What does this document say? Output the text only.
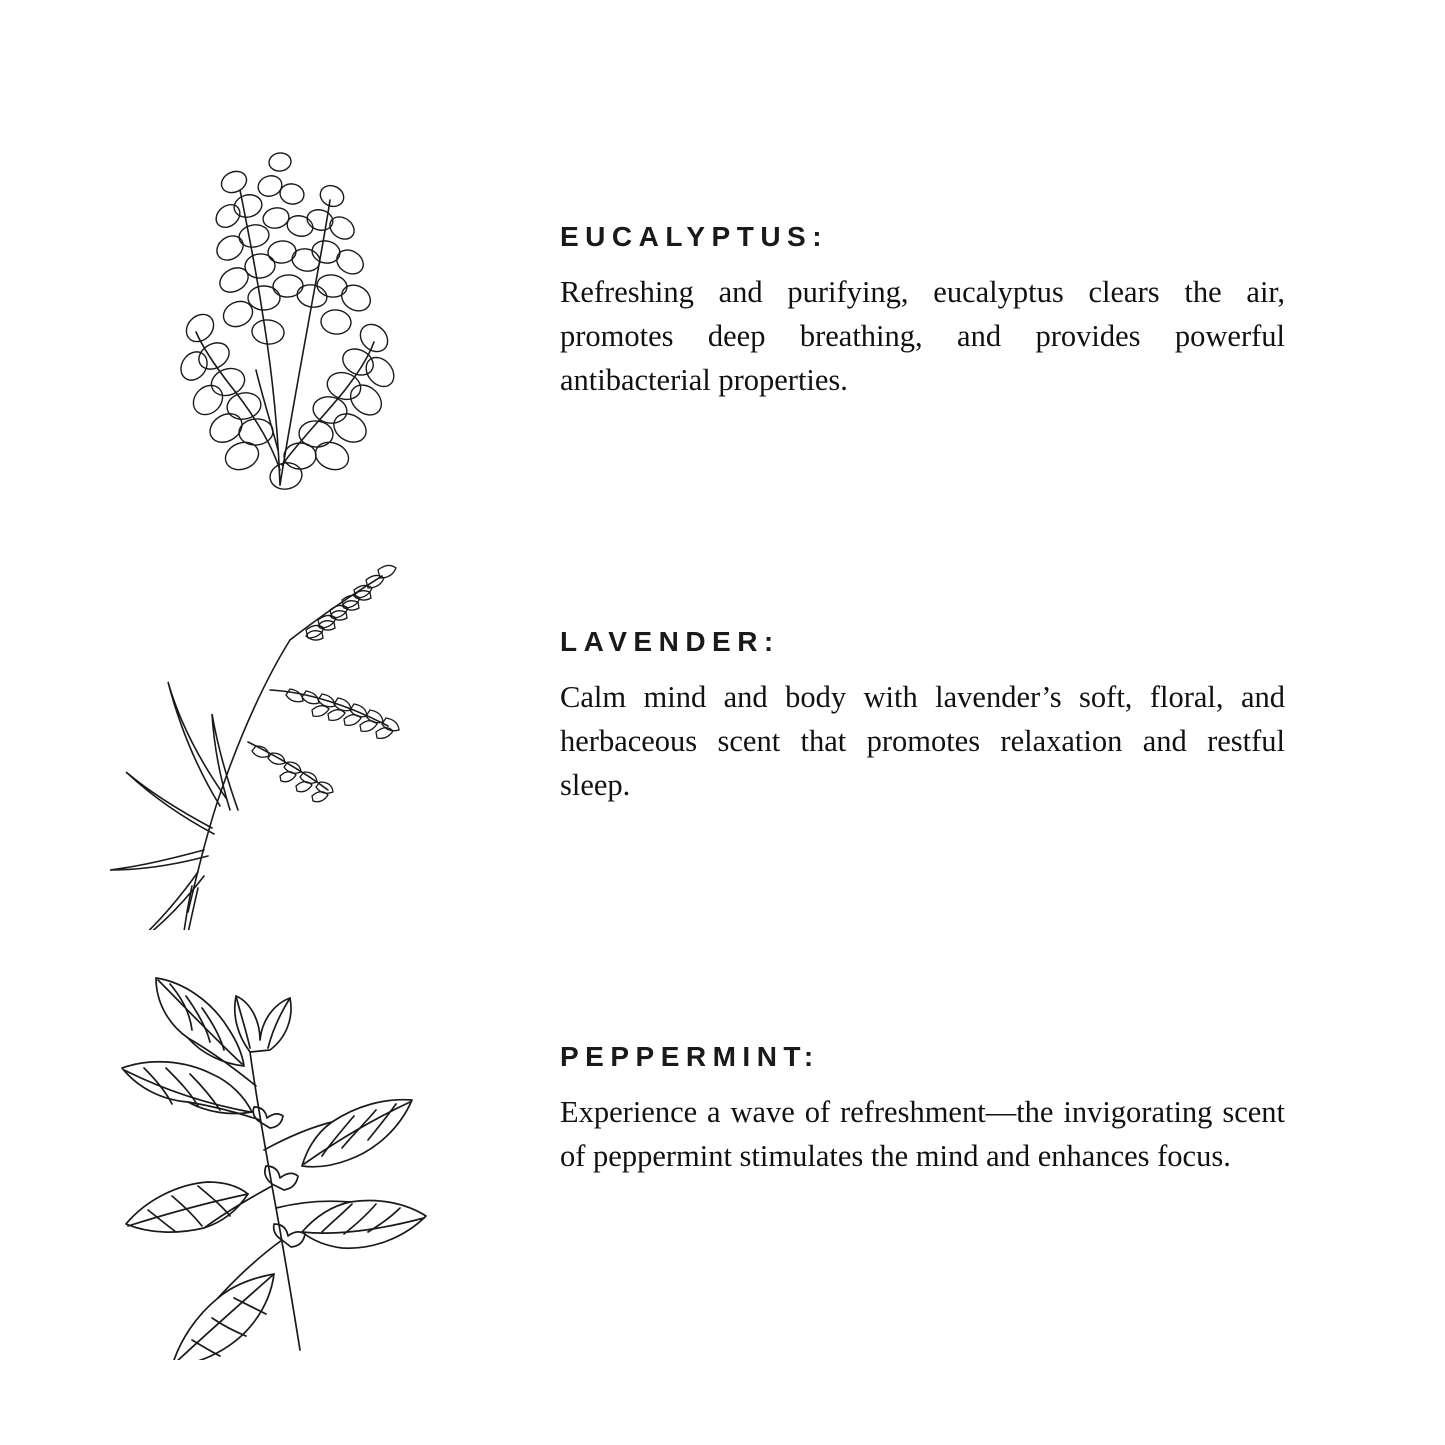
EUCALYPTUS:

Refreshing and purifying, eucalyptus clears the air, promotes deep breathing, and provides powerful antibacterial properties.

LAVENDER:

Calm mind and body with lavender’s soft, floral, and herbaceous scent that promotes relaxation and restful sleep.

PEPPERMINT:

Experience a wave of refreshment—the invigorating scent of peppermint stimulates the mind and enhances focus.
